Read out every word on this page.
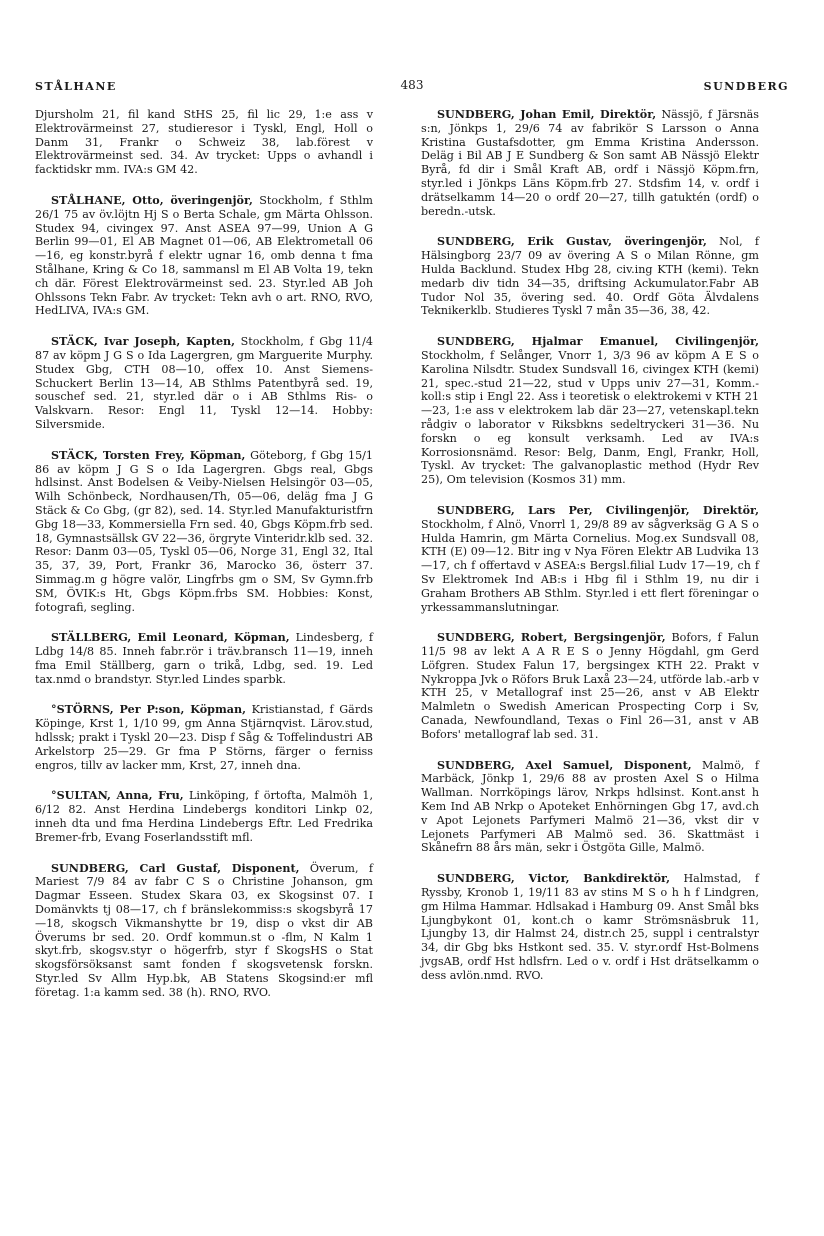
STÅLHANE	483	SUNDBERG

Djursholm 21, fil kand StHS 25, fil lic 29, 1:e ass v Elektrovärmeinst 27, studieresor i Tyskl, Engl, Holl o Danm 31, Frankr o Schweiz 38, lab.förest v Elektrovärmeinst sed. 34. Av trycket: Upps o avhandl i facktidskr mm. IVA:s GM 42.

STÅLHANE, Otto, överingenjör, Stockholm, f Sthlm 26/1 75 av öv.löjtn Hj S o Berta Schale, gm Märta Ohlsson. Studex 94, civingex 97. Anst ASEA 97—99, Union A G Berlin 99—01, El AB Magnet 01—06, AB Elektrometall 06—16, eg konstr.byrå f elektr ugnar 16, omb denna t fma Stålhane, Kring & Co 18, sammansl m El AB Volta 19, tekn ch där. Förest Elektrovärmeinst sed. 23. Styr.led AB Joh Ohlssons Tekn Fabr. Av trycket: Tekn avh o art. RNO, RVO, HedLIVA, IVA:s GM.

STÄCK, Ivar Joseph, Kapten, Stockholm, f Gbg 11/4 87 av köpm J G S o Ida Lagergren, gm Marguerite Murphy. Studex Gbg, CTH 08—10, offex 10. Anst Siemens-Schuckert Berlin 13—14, AB Sthlms Patentbyrå sed. 19, souschef sed. 21, styr.led där o i AB Sthlms Ris- o Valskvarn. Resor: Engl 11, Tyskl 12—14. Hobby: Silversmide.

STÄCK, Torsten Frey, Köpman, Göteborg, f Gbg 15/1 86 av köpm J G S o Ida Lagergren. Gbgs real, Gbgs hdlsinst. Anst Bodelsen & Veiby-Nielsen Helsingör 03—05, Wilh Schönbeck, Nordhausen/Th, 05—06, deläg fma J G Stäck & Co Gbg, (gr 82), sed. 14. Styr.led Manufakturistfrn Gbg 18—33, Kommersiella Frn sed. 40, Gbgs Köpm.frb sed. 18, Gymnastsällsk GV 22—36, örgryte Vinteridr.klb sed. 32. Resor: Danm 03—05, Tyskl 05—06, Norge 31, Engl 32, Ital 35, 37, 39, Port, Frankr 36, Marocko 36, österr 37. Simmag.m g högre valör, Lingfrbs gm o SM, Sv Gymn.frb SM, ÖVIK:s Ht, Gbgs Köpm.frbs SM. Hobbies: Konst, fotografi, segling.

STÄLLBERG, Emil Leonard, Köpman, Lindesberg, f Ldbg 14/8 85. Inneh fabr.rör i träv.bransch 11—19, inneh fma Emil Ställberg, garn o trikå, Ldbg, sed. 19. Led tax.nmd o brandstyr. Styr.led Lindes sparbk.

°STÖRNS, Per P:son, Köpman, Kristianstad, f Gärds Köpinge, Krst 1, 1/10 99, gm Anna Stjärnqvist. Lärov.stud, hdlssk; prakt i Tyskl 20—23. Disp f Såg & Toffelindustri AB Arkelstorp 25—29. Gr fma P Störns, färger o ferniss engros, tillv av lacker mm, Krst, 27, inneh dna.

°SULTAN, Anna, Fru, Linköping, f örtofta, Malmöh 1, 6/12 82. Anst Herdina Lindebergs konditori Linkp 02, inneh dta und fma Herdina Lindebergs Eftr. Led Fredrika Bremer-frb, Evang Foserlandsstift mfl.

SUNDBERG, Carl Gustaf, Disponent, Överum, f Mariest 7/9 84 av fabr C S o Christine Johanson, gm Dagmar Esseen. Studex Skara 03, ex Skogsinst 07. I Domänvkts tj 08—17, ch f bränslekommiss:s skogsbyrå 17—18, skogsch Vikmanshytte br 19, disp o vkst dir AB Överums br sed. 20. Ordf kommun.st o -flm, N Kalm 1 skyt.frb, skogsv.styr o högerfrb, styr f SkogsHS o Stat skogsförsöksanst samt fonden f skogsvetensk forskn. Styr.led Sv Allm Hyp.bk, AB Statens Skogsind:er mfl företag. 1:a kamm sed. 38 (h). RNO, RVO.

SUNDBERG, Johan Emil, Direktör, Nässjö, f Järsnäs s:n, Jönkps 1, 29/6 74 av fabrikör S Larsson o Anna Kristina Gustafsdotter, gm Emma Kristina Andersson. Deläg i Bil AB J E Sundberg & Son samt AB Nässjö Elektr Byrå, fd dir i Smål Kraft AB, ordf i Nässjö Köpm.frn, styr.led i Jönkps Läns Köpm.frb 27. Stdsfim 14, v. ordf i drätselkamm 14—20 o ordf 20—27, tillh gatuktén (ordf) o beredn.-utsk.

SUNDBERG, Erik Gustav, överingenjör, Nol, f Hälsingborg 23/7 09 av övering A S o Milan Rönne, gm Hulda Backlund. Studex Hbg 28, civ.ing KTH (kemi). Tekn medarb div tidn 34—35, driftsing Ackumulator.Fabr AB Tudor Nol 35, övering sed. 40. Ordf Göta Älvdalens Teknikerklb. Studieres Tyskl 7 mån 35—36, 38, 42.

SUNDBERG, Hjalmar Emanuel, Civilingenjör, Stockholm, f Selånger, Vnorr 1, 3/3 96 av köpm A E S o Karolina Nilsdtr. Studex Sundsvall 16, civingex KTH (kemi) 21, spec.-stud 21—22, stud v Upps univ 27—31, Komm.-koll:s stip i Engl 22. Ass i teoretisk o elektrokemi v KTH 21—23, 1:e ass v elektrokem lab där 23—27, vetenskapl.tekn rådgiv o laborator v Riksbkns sedeltryckeri 31—36. Nu forskn o eg konsult verksamh. Led av IVA:s Korrosionsnämd. Resor: Belg, Danm, Engl, Frankr, Holl, Tyskl. Av trycket: The galvanoplastic method (Hydr Rev 25), Om television (Kosmos 31) mm.

SUNDBERG, Lars Per, Civilingenjör, Direktör, Stockholm, f Alnö, Vnorrl 1, 29/8 89 av sågverksäg G A S o Hulda Hamrin, gm Märta Cornelius. Mog.ex Sundsvall 08, KTH (E) 09—12. Bitr ing v Nya Fören Elektr AB Ludvika 13—17, ch f offertavd v ASEA:s Bergsl.filial Ludv 17—19, ch f Sv Elektromek Ind AB:s i Hbg fil i Sthlm 19, nu dir i Graham Brothers AB Sthlm. Styr.led i ett flert föreningar o yrkessammanslutningar.

SUNDBERG, Robert, Bergsingenjör, Bofors, f Falun 11/5 98 av lekt A A R E S o Jenny Högdahl, gm Gerd Löfgren. Studex Falun 17, bergsingex KTH 22. Prakt v Nykroppa Jvk o Röfors Bruk Laxå 23—24, utförde lab.-arb v KTH 25, v Metallograf inst 25—26, anst v AB Elektr Malmletn o Swedish American Prospecting Corp i Sv, Canada, Newfoundland, Texas o Finl 26—31, anst v AB Bofors' metallograf lab sed. 31.

SUNDBERG, Axel Samuel, Disponent, Malmö, f Marbäck, Jönkp 1, 29/6 88 av prosten Axel S o Hilma Wallman. Norrköpings lärov, Nrkps hdlsinst. Kont.anst h Kem Ind AB Nrkp o Apoteket Enhörningen Gbg 17, avd.ch v Apot Lejonets Parfymeri Malmö 21—36, vkst dir v Lejonets Parfymeri AB Malmö sed. 36. Skattmäst i Skånefrn 88 års män, sekr i Östgöta Gille, Malmö.

SUNDBERG, Victor, Bankdirektör, Halmstad, f Ryssby, Kronob 1, 19/11 83 av stins M S o h h f Lindgren, gm Hilma Hammar. Hdlsakad i Hamburg 09. Anst Smål bks Ljungbykont 01, kont.ch o kamr Strömsnäsbruk 11, Ljungby 13, dir Halmst 24, distr.ch 25, suppl i centralstyr 34, dir Gbg bks Hstkont sed. 35. V. styr.ordf Hst-Bolmens jvgsAB, ordf Hst hdlsfrn. Led o v. ordf i Hst drätselkamm o dess avlön.nmd. RVO.
